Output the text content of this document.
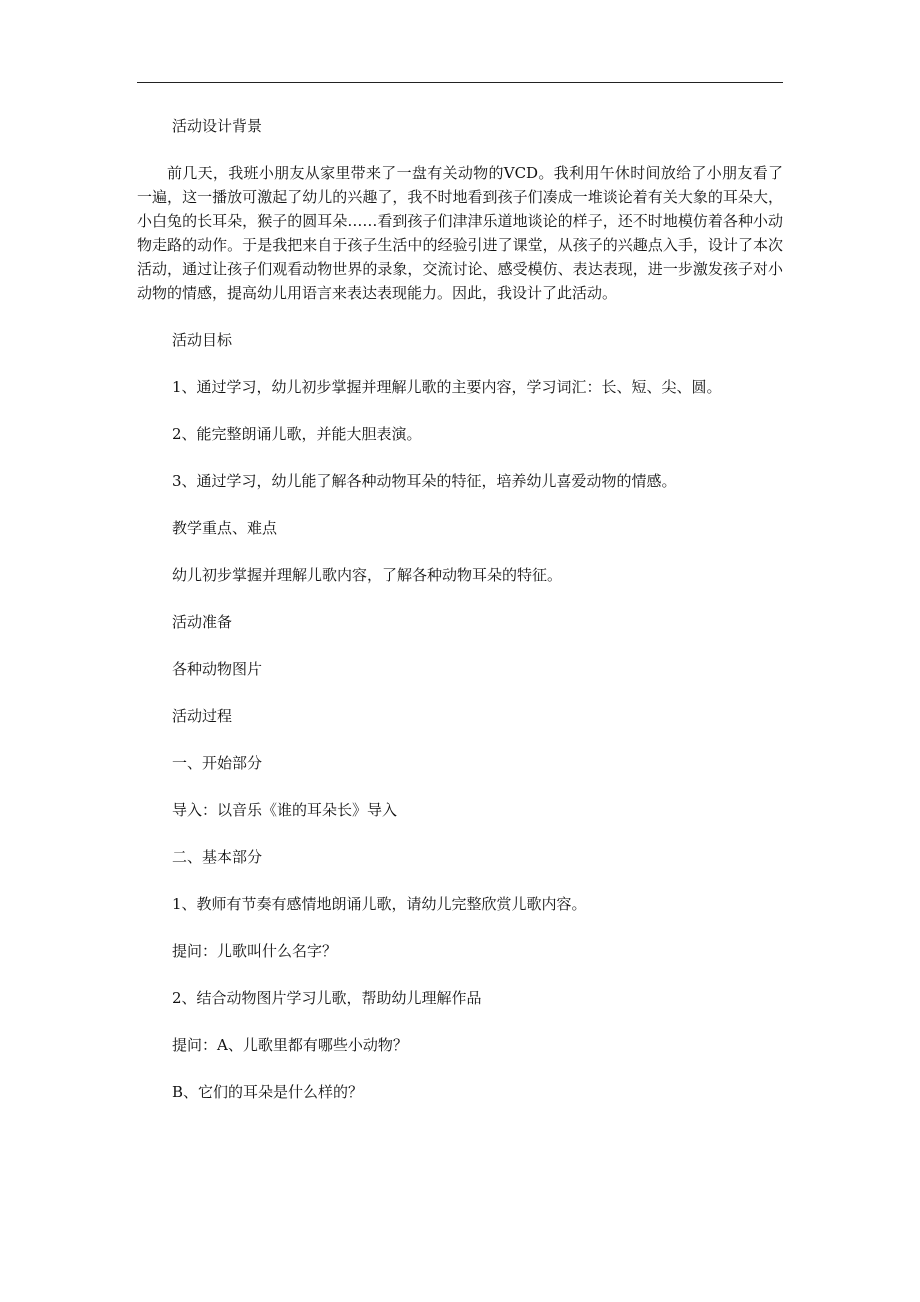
活动设计背景

前几天，我班小朋友从家里带来了一盘有关动物的VCD。我利用午休时间放给了小朋友看了一遍，这一播放可激起了幼儿的兴趣了，我不时地看到孩子们凑成一堆谈论着有关大象的耳朵大，小白兔的长耳朵，猴子的圆耳朵……看到孩子们津津乐道地谈论的样子，还不时地模仿着各种小动物走路的动作。于是我把来自于孩子生活中的经验引进了课堂，从孩子的兴趣点入手，设计了本次活动，通过让孩子们观看动物世界的录象，交流讨论、感受模仿、表达表现，进一步激发孩子对小动物的情感，提高幼儿用语言来表达表现能力。因此，我设计了此活动。

活动目标

1、通过学习，幼儿初步掌握并理解儿歌的主要内容，学习词汇：长、短、尖、圆。

2、能完整朗诵儿歌，并能大胆表演。

3、通过学习，幼儿能了解各种动物耳朵的特征，培养幼儿喜爱动物的情感。

教学重点、难点

幼儿初步掌握并理解儿歌内容，了解各种动物耳朵的特征。

活动准备

各种动物图片

活动过程

一、开始部分

导入：以音乐《谁的耳朵长》导入

二、基本部分

1、教师有节奏有感情地朗诵儿歌，请幼儿完整欣赏儿歌内容。

提问：儿歌叫什么名字？

2、结合动物图片学习儿歌，帮助幼儿理解作品

提问：A、儿歌里都有哪些小动物？

B、它们的耳朵是什么样的？
